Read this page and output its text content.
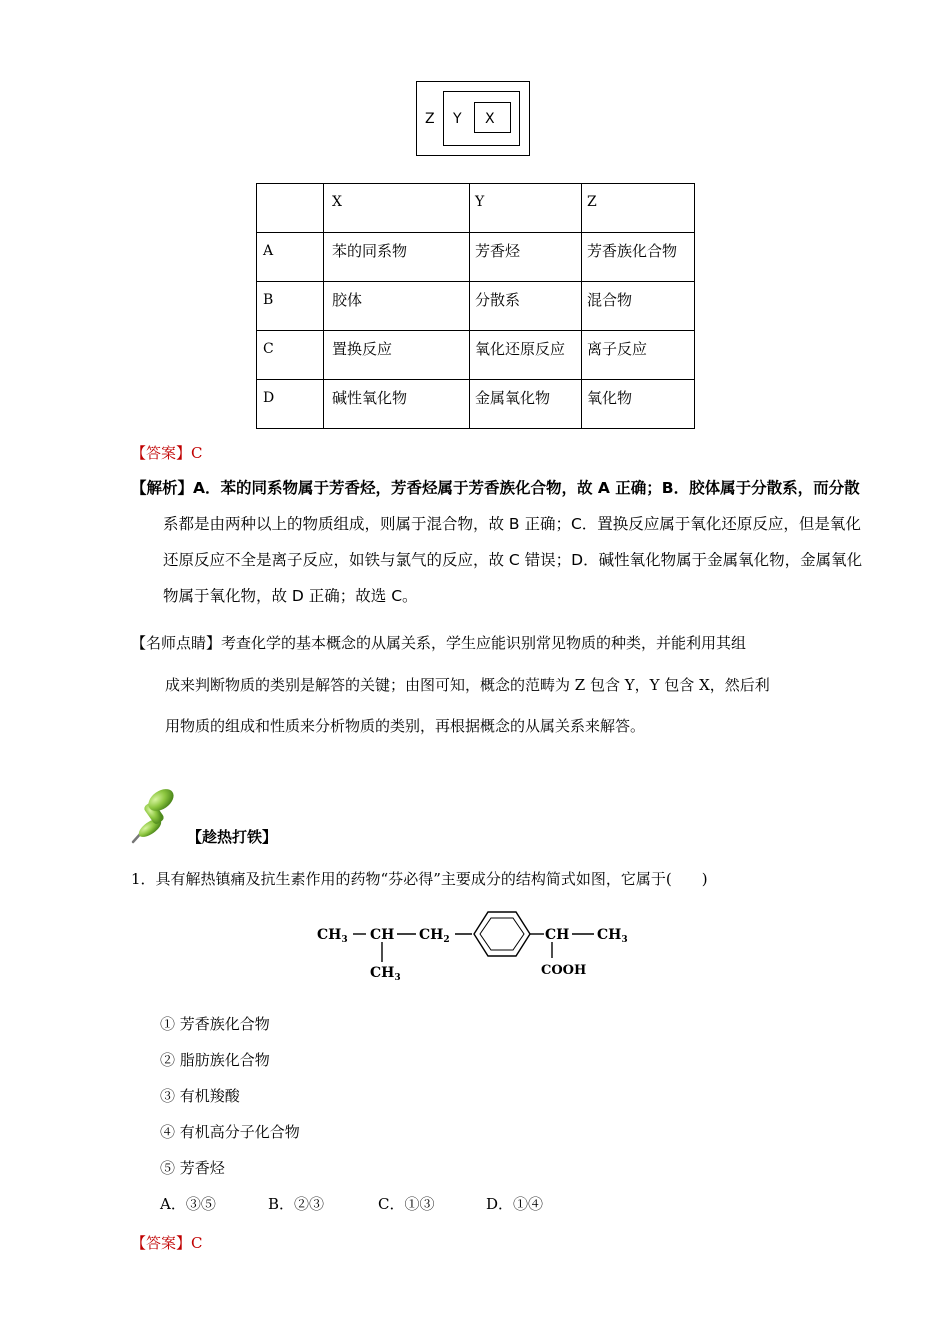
Z Y X
	X	Y	Z
A	苯的同系物	芳香烃	芳香族化合物
B	胶体	分散系	混合物
C	置换反应	氧化还原反应	离子反应
D	碱性氧化物	金属氧化物	氧化物
【答案】C
【解析】A．苯的同系物属于芳香烃，芳香烃属于芳香族化合物，故 A 正确；B．胶体属于分散系，而分散
系都是由两种以上的物质组成，则属于混合物，故 B 正确；C．置换反应属于氧化还原反应，但是氧化
还原反应不全是离子反应，如铁与氯气的反应，故 C 错误；D．碱性氧化物属于金属氧化物，金属氧化
物属于氧化物，故 D 正确；故选 C。
【名师点睛】考查化学的基本概念的从属关系，学生应能识别常见物质的种类，并能利用其组
成来判断物质的类别是解答的关键；由图可知，概念的范畴为 Z 包含 Y，Y 包含 X，然后利
用物质的组成和性质来分析物质的类别，再根据概念的从属关系来解答。
【趁热打铁】
1．具有解热镇痛及抗生素作用的药物“芬必得”主要成分的结构简式如图，它属于(　　)
$CH_3$ CH $CH_2$
$CH_3$
CH $CH_3$
COOH
① 芳香族化合物
② 脂肪族化合物
③ 有机羧酸
④ 有机高分子化合物
⑤ 芳香烃
A．③⑤	B．②③	C．①③	D．①④
【答案】C
